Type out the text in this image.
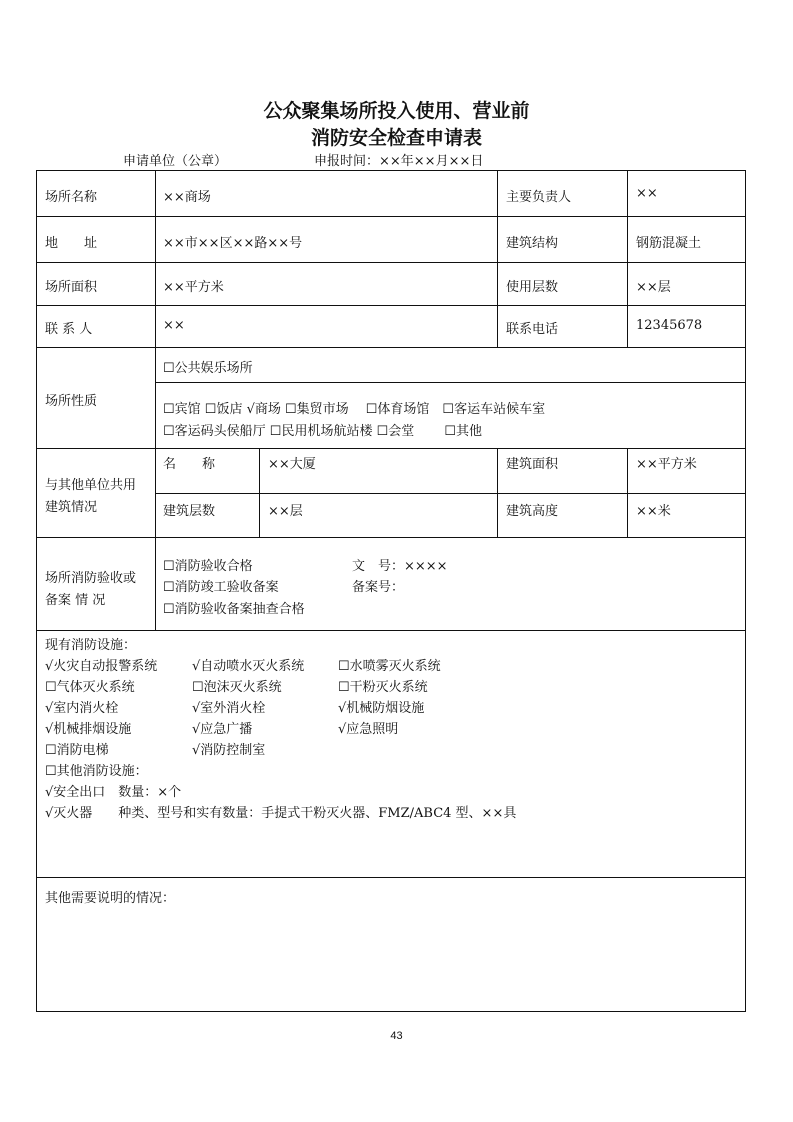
公众聚集场所投入使用、营业前
消防安全检查申请表
申请单位（公章）	申报时间：××年××月××日
场所名称	××商场	主要负责人	××
地　　址	××市××区××路××号	建筑结构	钢筋混凝土
场所面积	××平方米	使用层数	××层
联 系 人	××	联系电话	12345678
场所性质
☐公共娱乐场所
☐宾馆 ☐饭店 √商场 ☐集贸市场　 ☐体育场馆　☐客运车站候车室
☐客运码头侯船厅 ☐民用机场航站楼 ☐会堂　　 ☐其他
与其他单位共用
建筑情况
名　　称	××大厦	建筑面积	××平方米
建筑层数	××层	建筑高度	××米
场所消防验收或
备案 情 况
☐消防验收合格
☐消防竣工验收备案
☐消防验收备案抽查合格
文　号：××××
备案号：
现有消防设施：
√火灾自动报警系统	√自动喷水灭火系统	☐水喷雾灭火系统
☐气体灭火系统	☐泡沫灭火系统	☐干粉灭火系统
√室内消火栓	√室外消火栓	√机械防烟设施
√机械排烟设施	√应急广播	√应急照明
☐消防电梯	√消防控制室
☐其他消防设施：
√安全出口　数量：×个
√灭火器　　种类、型号和实有数量：手提式干粉灭火器、FMZ/ABC4 型、××具
其他需要说明的情况：
43
